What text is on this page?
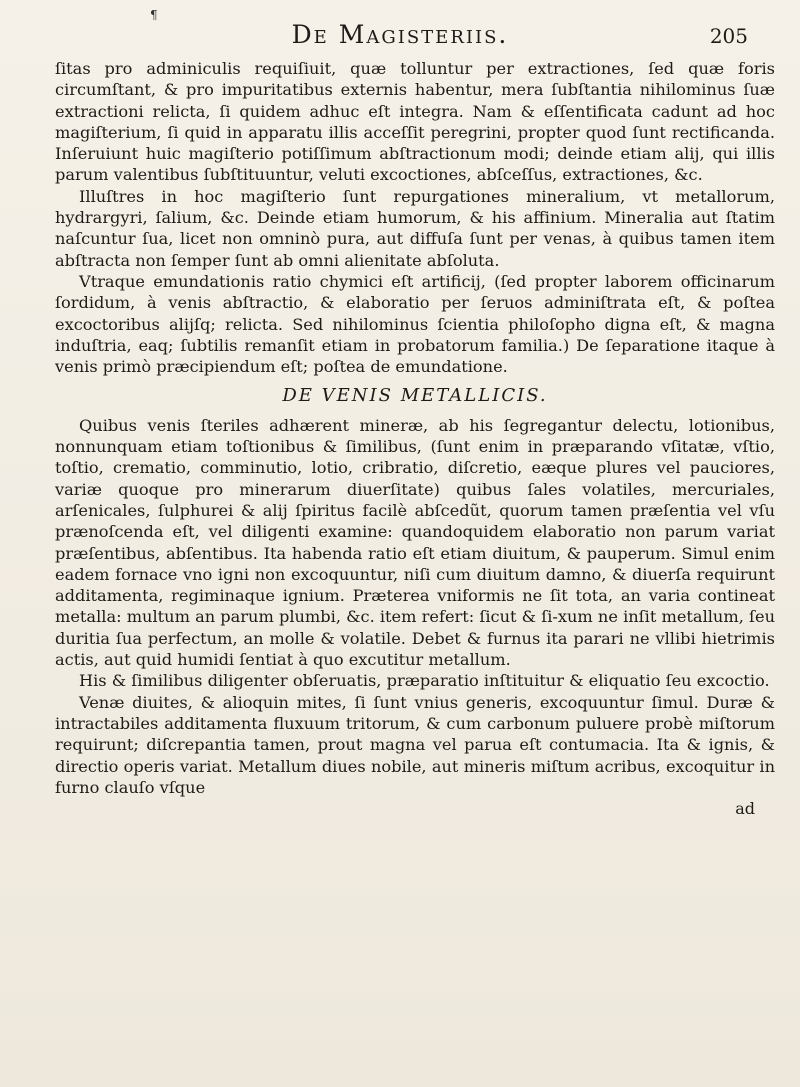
¶
De Magisteriis.	205

ſitas pro adminiculis requiſiuit, quæ tolluntur per extractiones, ſed quæ foris circumſtant, & pro impuritatibus externis habentur, mera ſubſtantia nihilominus ſuæ extractioni relicta, ſi quidem adhuc eſt integra. Nam & eſſentificata cadunt ad hoc magiſterium, ſi quid in apparatu illis acceſſit peregrini, propter quod ſunt rectificanda. Inſeruiunt huic magiſterio potiſſimum abſtractionum modi; deinde etiam alij, qui illis parum valentibus ſubſtituuntur, veluti excoctiones, abſceſſus, extractiones, &c.

Illuſtres in hoc magiſterio ſunt repurgationes mineralium, vt metallorum, hydrargyri, ſalium, &c. Deinde etiam humorum, & his affinium. Mineralia aut ſtatim naſcuntur ſua, licet non omninò pura, aut diffuſa ſunt per venas, à quibus tamen item abſtracta non ſemper ſunt ab omni alienitate abſoluta.

Vtraque emundationis ratio chymici eſt artificij, (ſed propter laborem officinarum ſordidum, à venis abſtractio, & elaboratio per ſeruos adminiſtrata eſt, & poſtea excoctoribus alijſq; relicta. Sed nihilominus ſcientia philoſopho digna eſt, & magna induſtria, eaq; ſubtilis remanſit etiam in probatorum familia.) De ſeparatione itaque à venis primò præcipiendum eſt; poſtea de emundatione.

DE VENIS METALLICIS.

Quibus venis ſteriles adhærent mineræ, ab his ſegregantur delectu, lotionibus, nonnunquam etiam toſtionibus & ſimilibus, (ſunt enim in præparando vſitatæ, vſtio, toſtio, crematio, comminutio, lotio, cribratio, diſcretio, eæque plures vel pauciores, variæ quoque pro minerarum diuerſitate) quibus ſales volatiles, mercuriales, arſenicales, ſulphurei & alij ſpiritus facilè abſcedũt, quorum tamen præſentia vel vſu prænoſcenda eſt, vel diligenti examine: quandoquidem elaboratio non parum variat præſentibus, abſentibus. Ita habenda ratio eſt etiam diuitum, & pauperum. Simul enim eadem fornace vno igni non excoquuntur, niſi cum diuitum damno, & diuerſa requirunt additamenta, regiminaque ignium. Præterea vniformis ne ſit tota, an varia contineat metalla: multum an parum plumbi, &c. item refert: ſicut & ſi-xum ne inſit metallum, ſeu duritia ſua perfectum, an molle & volatile. Debet & furnus ita parari ne vllibi hietrimis actis, aut quid humidi ſentiat à quo excutitur metallum.

His & ſimilibus diligenter obſeruatis, præparatio inſtituitur & eliquatio ſeu excoctio.

Venæ diuites, & alioquin mites, ſi ſunt vnius generis, excoquuntur ſimul. Duræ & intractabiles additamenta fluxuum tritorum, & cum carbonum puluere probè miſtorum requirunt; diſcrepantia tamen, prout magna vel parua eſt contumacia. Ita & ignis, & directio operis variat. Metallum diues nobile, aut mineris miſtum acribus, excoquitur in furno clauſo vſque

ad
